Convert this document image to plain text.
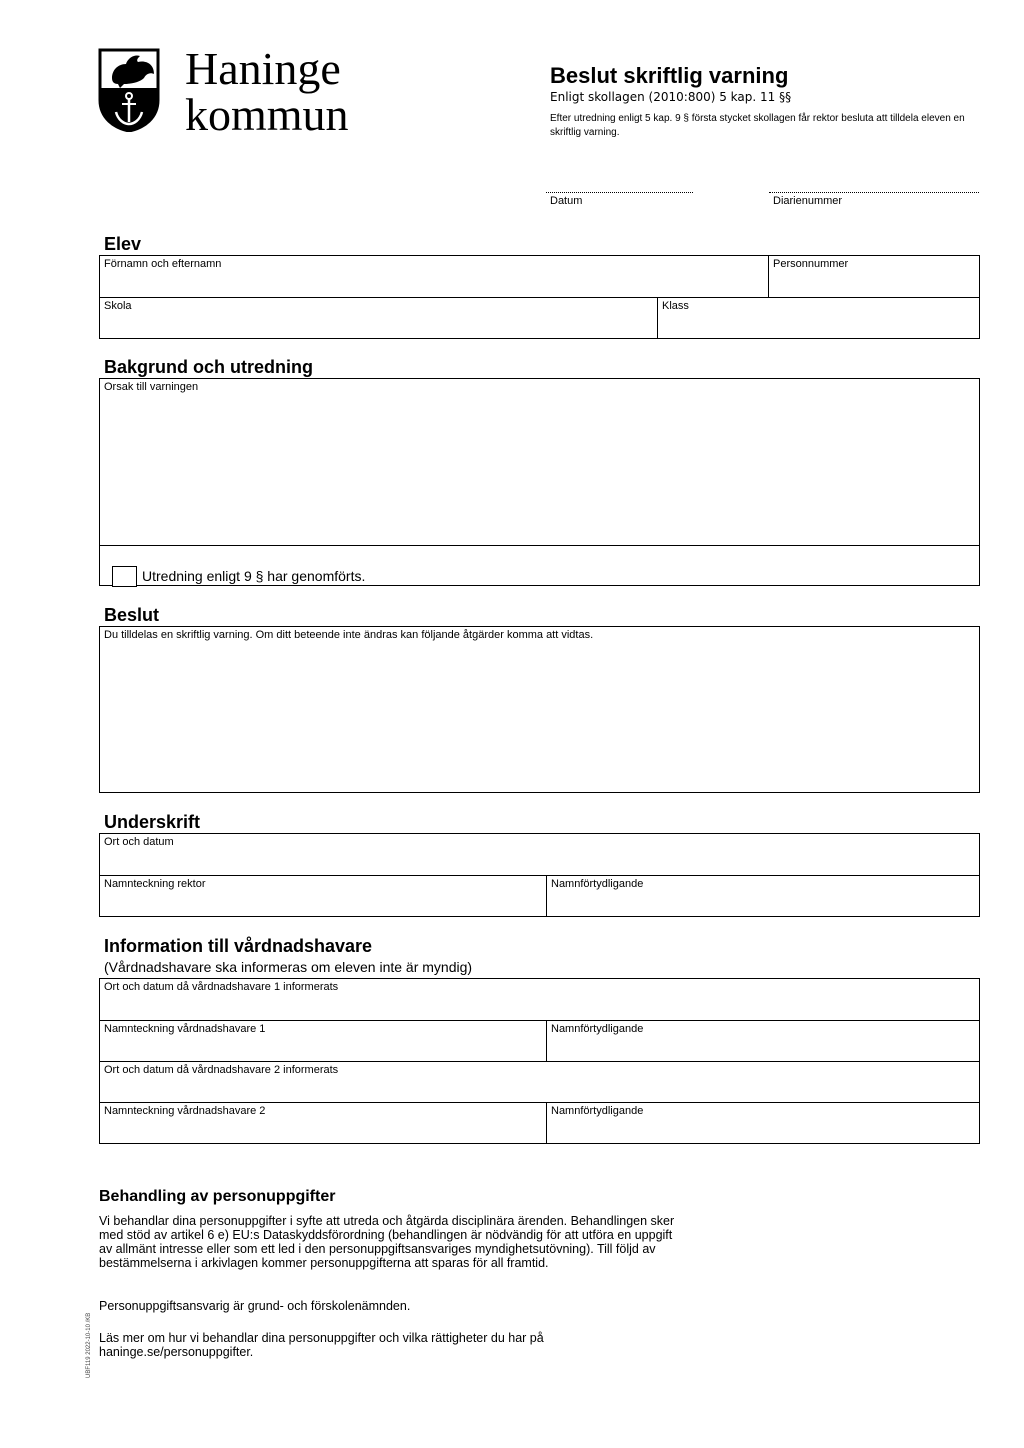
Haninge
kommun
Beslut skriftlig varning
Enligt skollagen (2010:800) 5 kap. 11 §§
Efter utredning enligt 5 kap. 9 § första stycket skollagen får rektor besluta att tilldela eleven en skriftlig varning.
Datum	Diarienummer
Elev
Förnamn och efternamn	Personnummer
Skola	Klass
Bakgrund och utredning
Orsak till varningen
Utredning enligt 9 § har genomförts.
Beslut
Du tilldelas en skriftlig varning. Om ditt beteende inte ändras kan följande åtgärder komma att vidtas.
Underskrift
Ort och datum
Namnteckning rektor	Namnförtydligande
Information till vårdnadshavare
(Vårdnadshavare ska informeras om eleven inte är myndig)
Ort och datum då vårdnadshavare 1 informerats
Namnteckning vårdnadshavare 1	Namnförtydligande
Ort och datum då vårdnadshavare 2 informerats
Namnteckning vårdnadshavare 2	Namnförtydligande
Behandling av personuppgifter
Vi behandlar dina personuppgifter i syfte att utreda och åtgärda disciplinära ärenden. Behandlingen sker
med stöd av artikel 6 e) EU:s Dataskyddsförordning (behandlingen är nödvändig för att utföra en uppgift
av allmänt intresse eller som ett led i den personuppgiftsansvariges myndighetsutövning). Till följd av
bestämmelserna i arkivlagen kommer personuppgifterna att sparas för all framtid.
Personuppgiftsansvarig är grund- och förskolenämnden.
Läs mer om hur vi behandlar dina personuppgifter och vilka rättigheter du har på
haninge.se/personuppgifter.
UBF119 2022-10-10 /KB
